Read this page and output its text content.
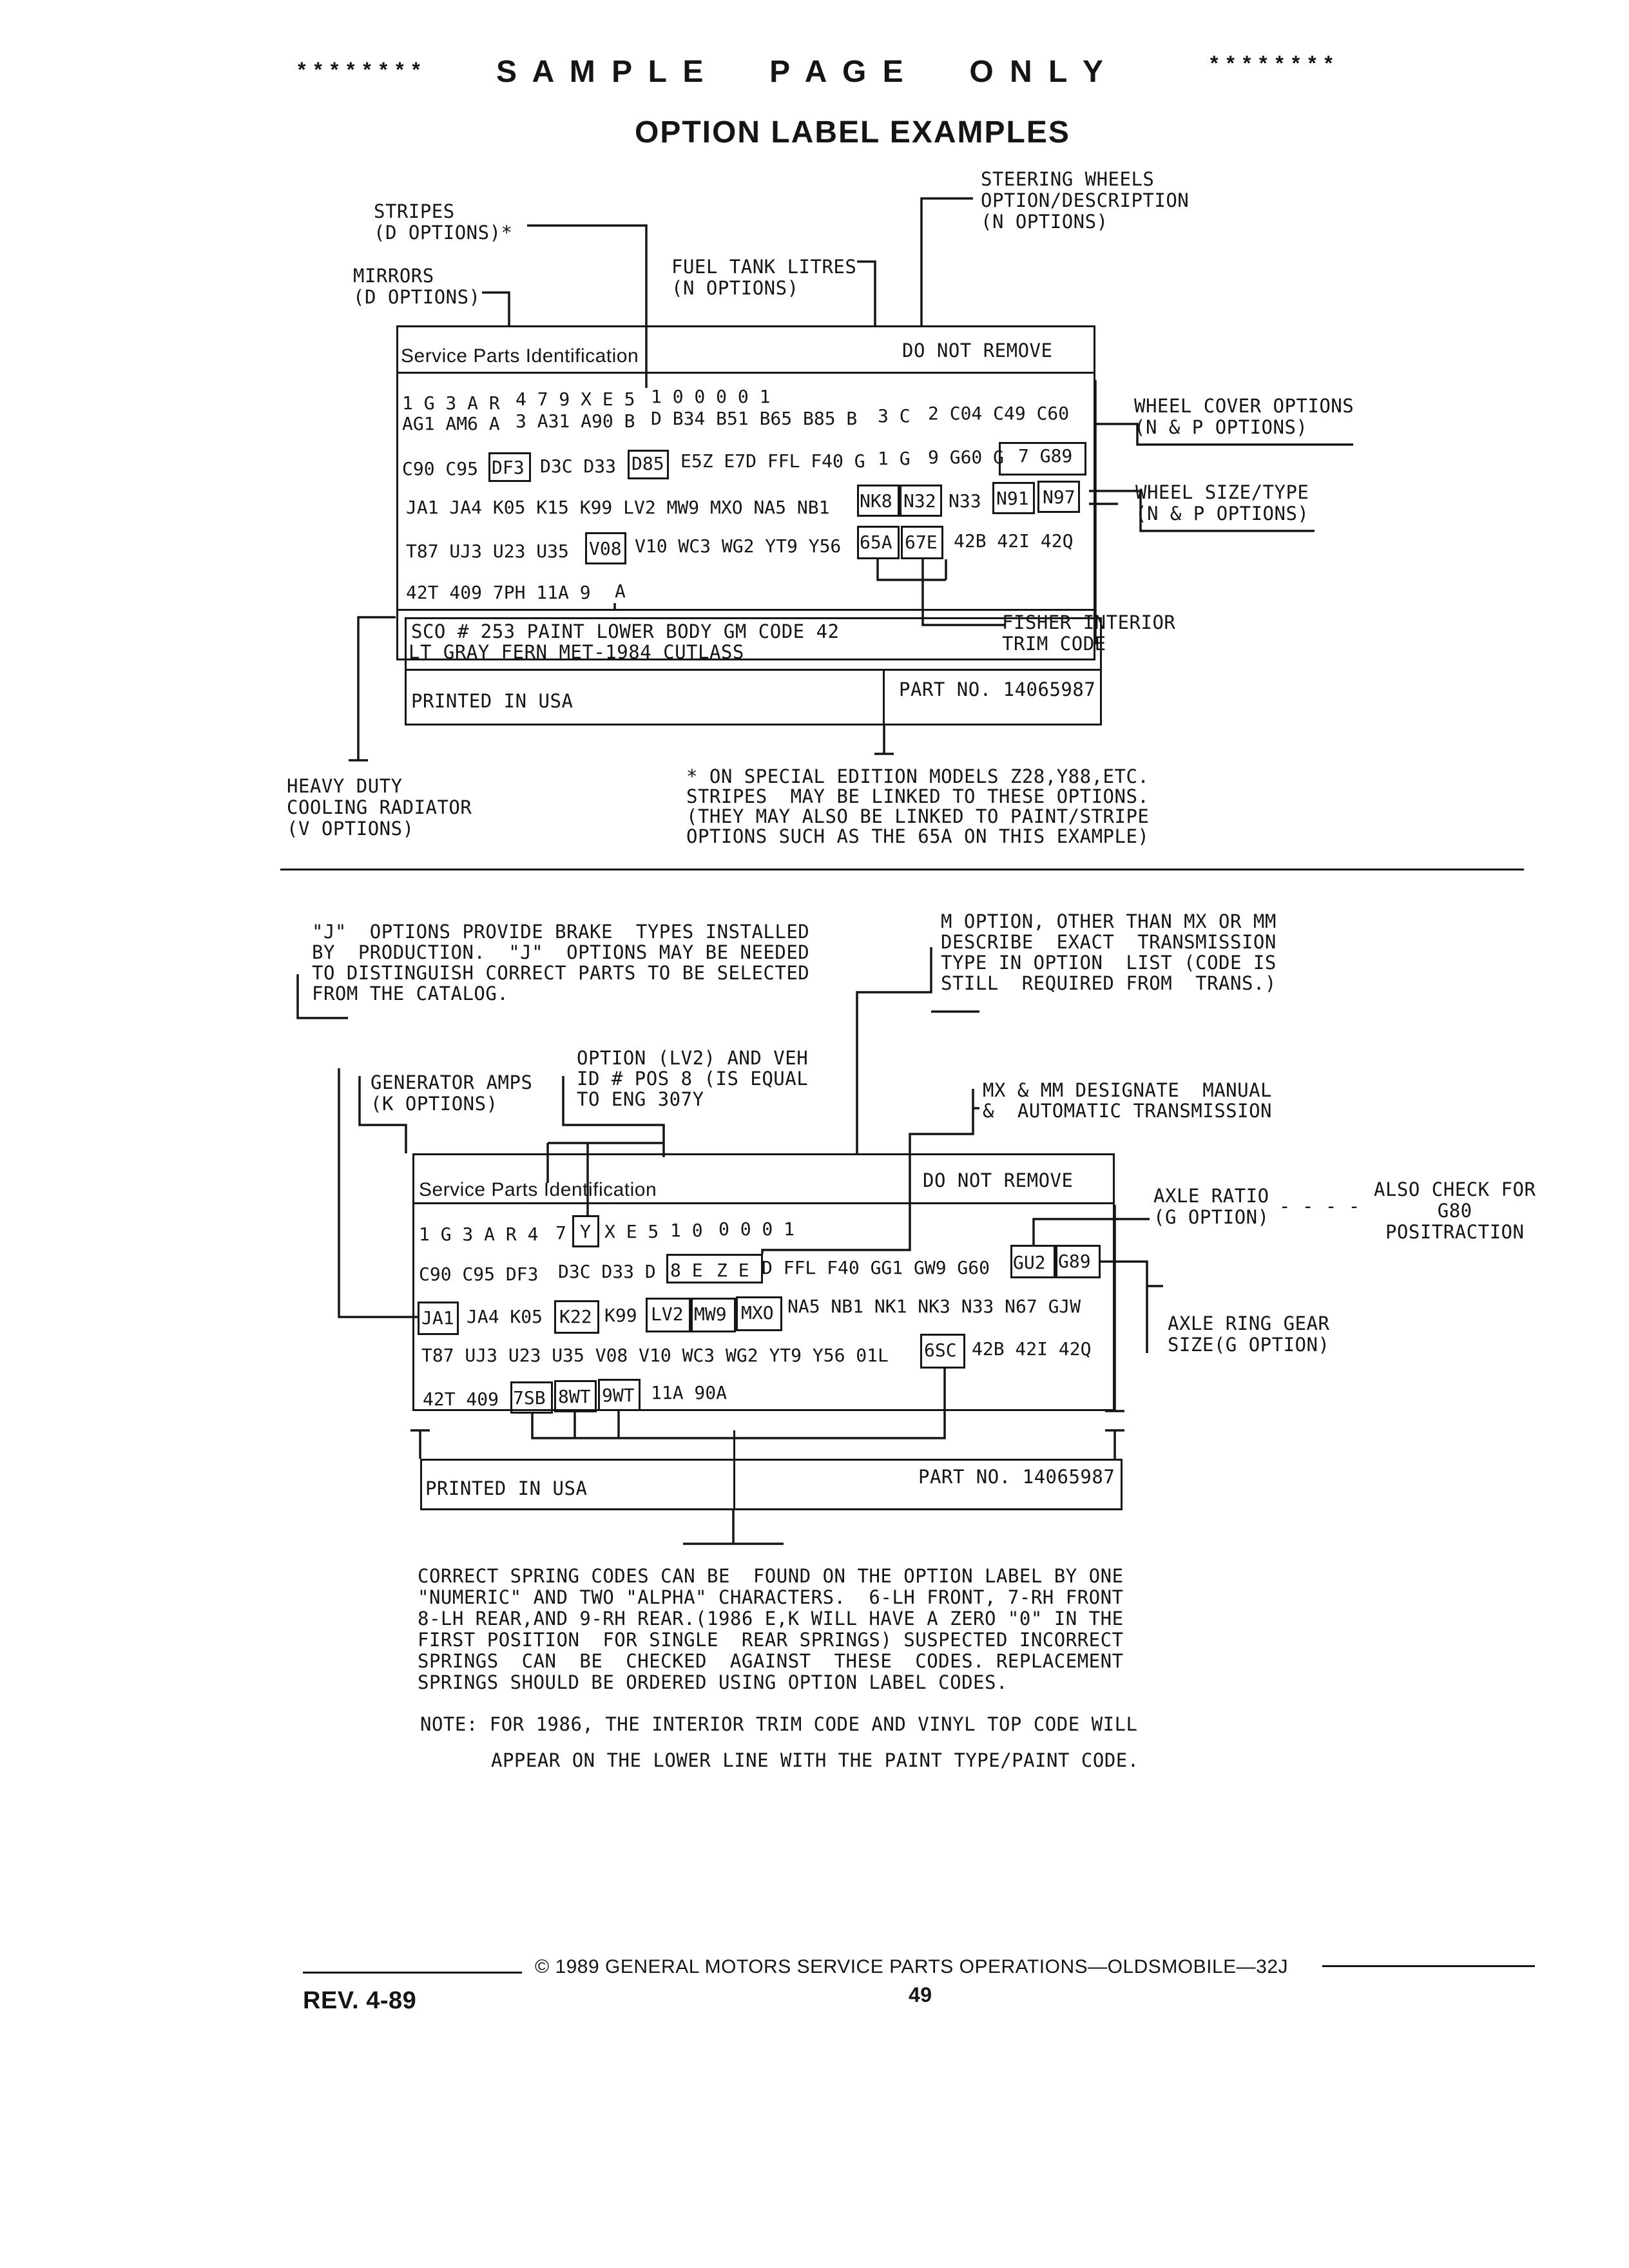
* * * * * * * * S A M P L E     P A G E     O N L Y	* * * * * * * *
OPTION LABEL EXAMPLES
STRIPES
(D OPTIONS)*
MIRRORS
(D OPTIONS)
FUEL TANK LITRES
(N OPTIONS)
STEERING WHEELS
OPTION/DESCRIPTION
(N OPTIONS)
WHEEL COVER OPTIONS
(N & P OPTIONS)
WHEEL SIZE/TYPE
(N & P OPTIONS)
FISHER INTERIOR
TRIM CODE
HEAVY DUTY
COOLING RADIATOR
(V OPTIONS)
Service Parts Identification	DO NOT REMOVE
1 G 3 A R 4 7 9 X E 5 1 0 0 0 0 1
AG1 AM6 A 3 A31 A90 B D B34 B51 B65 B85 B 3 C 2 C04 C49 C60
C90 C95 DF3 D3C D33 D85 E5Z E7D FFL F40 G 1 G 9 G60 G 7 G89
JA1 JA4 K05 K15 K99 LV2 MW9 MXO NA5 NB1 NK8 N32 N33 N91 N97
T87 UJ3 U23 U35 V08 V10 WC3 WG2 YT9 Y56 65A 67E 42B 42I 42Q
42T 409 7PH 11A 9 A
SCO # 253 PAINT LOWER BODY GM CODE 42
LT GRAY FERN MET-1984 CUTLASS
PRINTED IN USA
PART NO. 14065987
* ON SPECIAL EDITION MODELS Z28,Y88,ETC.
STRIPES  MAY BE LINKED TO THESE OPTIONS.
(THEY MAY ALSO BE LINKED TO PAINT/STRIPE
OPTIONS SUCH AS THE 65A ON THIS EXAMPLE)
"J"  OPTIONS PROVIDE BRAKE  TYPES INSTALLED
BY  PRODUCTION.  "J"  OPTIONS MAY BE NEEDED
TO DISTINGUISH CORRECT PARTS TO BE SELECTED
FROM THE CATALOG.
M OPTION, OTHER THAN MX OR MM
DESCRIBE  EXACT  TRANSMISSION
TYPE IN OPTION  LIST (CODE IS
STILL  REQUIRED FROM  TRANS.)
GENERATOR AMPS
(K OPTIONS)
OPTION (LV2) AND VEH
ID # POS 8 (IS EQUAL
TO ENG 307Y	MX & MM DESIGNATE  MANUAL
&  AUTOMATIC TRANSMISSION
AXLE RATIO
(G OPTION) - - - -
ALSO CHECK FOR
G80
POSITRACTION
AXLE RING GEAR
SIZE(G OPTION)
Service Parts Identification	DO NOT REMOVE
1 G 3 A R 4 7 Y X E 5 1 0 0 0 0 1
C90 C95 DF3 D3C D33 D 8 E Z E D FFL F40 GG1 GW9 G60 GU2 G89
JA1 JA4 K05 K22 K99 LV2 MW9 MXO NA5 NB1 NK1 NK3 N33 N67 GJW
T87 UJ3 U23 U35 V08 V10 WC3 WG2 YT9 Y56 01L 6SC 42B 42I 42Q
42T 409 7SB 8WT 9WT 11A 90A
PRINTED IN USA
PART NO. 14065987
CORRECT SPRING CODES CAN BE  FOUND ON THE OPTION LABEL BY ONE
"NUMERIC" AND TWO "ALPHA" CHARACTERS.  6-LH FRONT, 7-RH FRONT
8-LH REAR,AND 9-RH REAR.(1986 E,K WILL HAVE A ZERO "0" IN THE
FIRST POSITION  FOR SINGLE  REAR SPRINGS) SUSPECTED INCORRECT
SPRINGS  CAN  BE  CHECKED  AGAINST  THESE  CODES. REPLACEMENT
SPRINGS SHOULD BE ORDERED USING OPTION LABEL CODES.
NOTE: FOR 1986, THE INTERIOR TRIM CODE AND VINYL TOP CODE WILL
APPEAR ON THE LOWER LINE WITH THE PAINT TYPE/PAINT CODE.
© 1989 GENERAL MOTORS SERVICE PARTS OPERATIONS—OLDSMOBILE—32J
REV. 4-89	49
